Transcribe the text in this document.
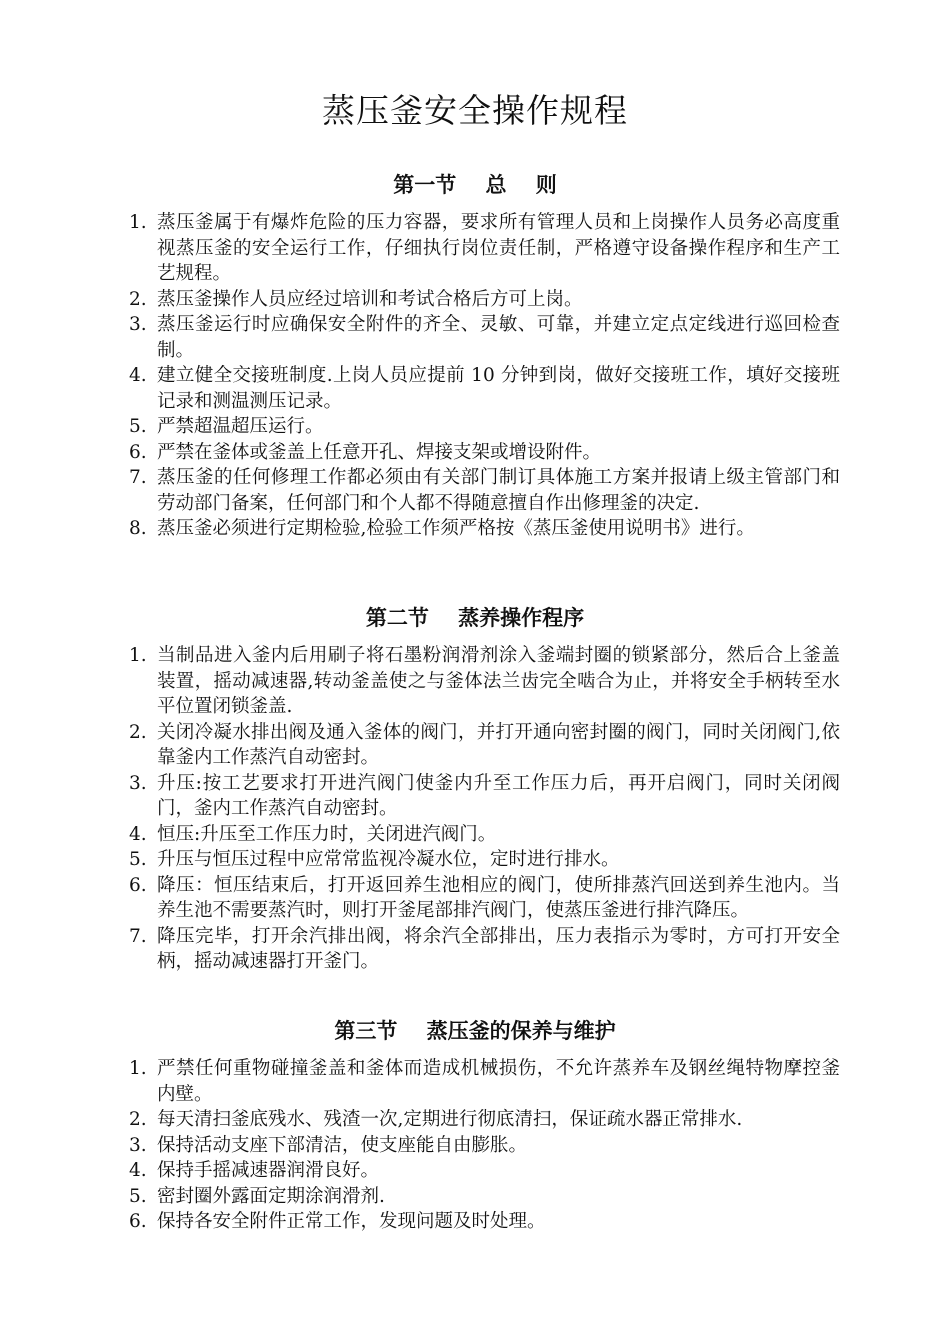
蒸压釜安全操作规程
第一节    总    则
1. 蒸压釜属于有爆炸危险的压力容器，要求所有管理人员和上岗操作人员务必高度重视蒸压釜的安全运行工作，仔细执行岗位责任制，严格遵守设备操作程序和生产工艺规程。
2. 蒸压釜操作人员应经过培训和考试合格后方可上岗。
3. 蒸压釜运行时应确保安全附件的齐全、灵敏、可靠，并建立定点定线进行巡回检查制。
4. 建立健全交接班制度.上岗人员应提前 10 分钟到岗，做好交接班工作，填好交接班记录和测温测压记录。
5. 严禁超温超压运行。
6. 严禁在釜体或釜盖上任意开孔、焊接支架或增设附件。
7. 蒸压釜的任何修理工作都必须由有关部门制订具体施工方案并报请上级主管部门和劳动部门备案，任何部门和个人都不得随意擅自作出修理釜的决定.
8. 蒸压釜必须进行定期检验,检验工作须严格按《蒸压釜使用说明书》进行。
第二节    蒸养操作程序
1. 当制品进入釜内后用刷子将石墨粉润滑剂涂入釜端封圈的锁紧部分，然后合上釜盖装置，摇动减速器,转动釜盖使之与釜体法兰齿完全啮合为止，并将安全手柄转至水平位置闭锁釜盖.
2. 关闭冷凝水排出阀及通入釜体的阀门，并打开通向密封圈的阀门，同时关闭阀门,依靠釜内工作蒸汽自动密封。
3. 升压:按工艺要求打开进汽阀门使釜内升至工作压力后，再开启阀门，同时关闭阀门，釜内工作蒸汽自动密封。
4. 恒压:升压至工作压力时，关闭进汽阀门。
5. 升压与恒压过程中应常常监视冷凝水位，定时进行排水。
6. 降压：恒压结束后，打开返回养生池相应的阀门，使所排蒸汽回送到养生池内。当养生池不需要蒸汽时，则打开釜尾部排汽阀门，使蒸压釜进行排汽降压。
7. 降压完毕，打开余汽排出阀，将余汽全部排出，压力表指示为零时，方可打开安全柄，摇动减速器打开釜门。
第三节    蒸压釜的保养与维护
1. 严禁任何重物碰撞釜盖和釜体而造成机械损伤，不允许蒸养车及钢丝绳特物摩控釜内壁。
2. 每天清扫釜底残水、残渣一次,定期进行彻底清扫，保证疏水器正常排水.
3. 保持活动支座下部清洁，使支座能自由膨胀。
4. 保持手摇减速器润滑良好。
5. 密封圈外露面定期涂润滑剂.
6. 保持各安全附件正常工作，发现问题及时处理。
